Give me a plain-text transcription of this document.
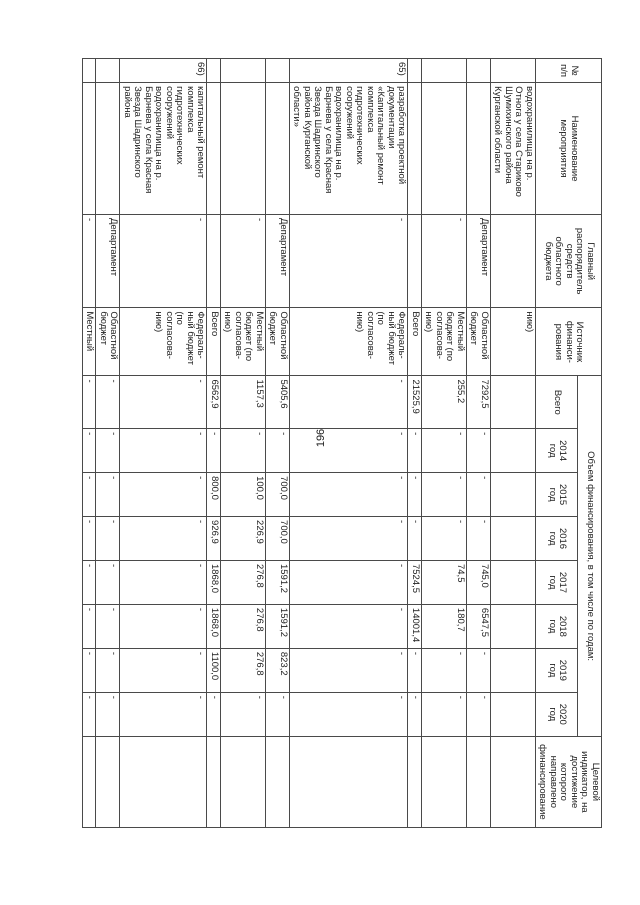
196
№ п/п	Наименование мероприятия	Главный распорядитель средств областного бюджета	Источник финанси-рования	Объем финансирования, в том числе по годам:								Целевой индикатор, на достижение которого направлено финансирование
				Всего	2014 год	2015 год	2016 год	2017 год	2018 год	2019 год	2020 год	
	водохранилища на р. Отнога у села Стариково Шумихинского района Курганской области		нию)									
		Департамент	Областной бюджет	7292,5	-	-	-	745,0	6547,5	-	-	
		-	Местный бюджет (по согласова-нию)	255,2	-	-	-	74,5	180,7	-	-	
			Всего	21525,9	-	-	-	7524,5	14001,4	-	-	
65)	разработка проектной документации «Капитальный ремонт комплекса гидротехнических сооружений водохранилища на р. Барнева у села Красная Звезда Шадринского района Курганской области»	-	Федераль-ный бюджет (по согласова-нию)	-	-	-	-	-	-	-	-	
		Департамент	Областной бюджет	5405,6	-	700,0	700,0	1591,2	1591,2	823,2	-	
		-	Местный бюджет (по согласова-нию)	1157,3	-	100,0	226,9	276,8	276,8	276,8	-	
			Всего	6562,9	-	800,0	926,9	1868,0	1868,0	1100,0	-	
66)	капитальный ремонт комплекса гидротехнических сооружений водохранилища на р. Барнева у села Красная Звезда Шадринского района	-	Федераль-ный бюджет (по согласова-нию)	-	-	-	-	-	-	-	-	
		Департамент	Областной бюджет	-	-	-	-	-	-	-	-	
		-	Местный	-	-	-	-	-	-	-	-	
